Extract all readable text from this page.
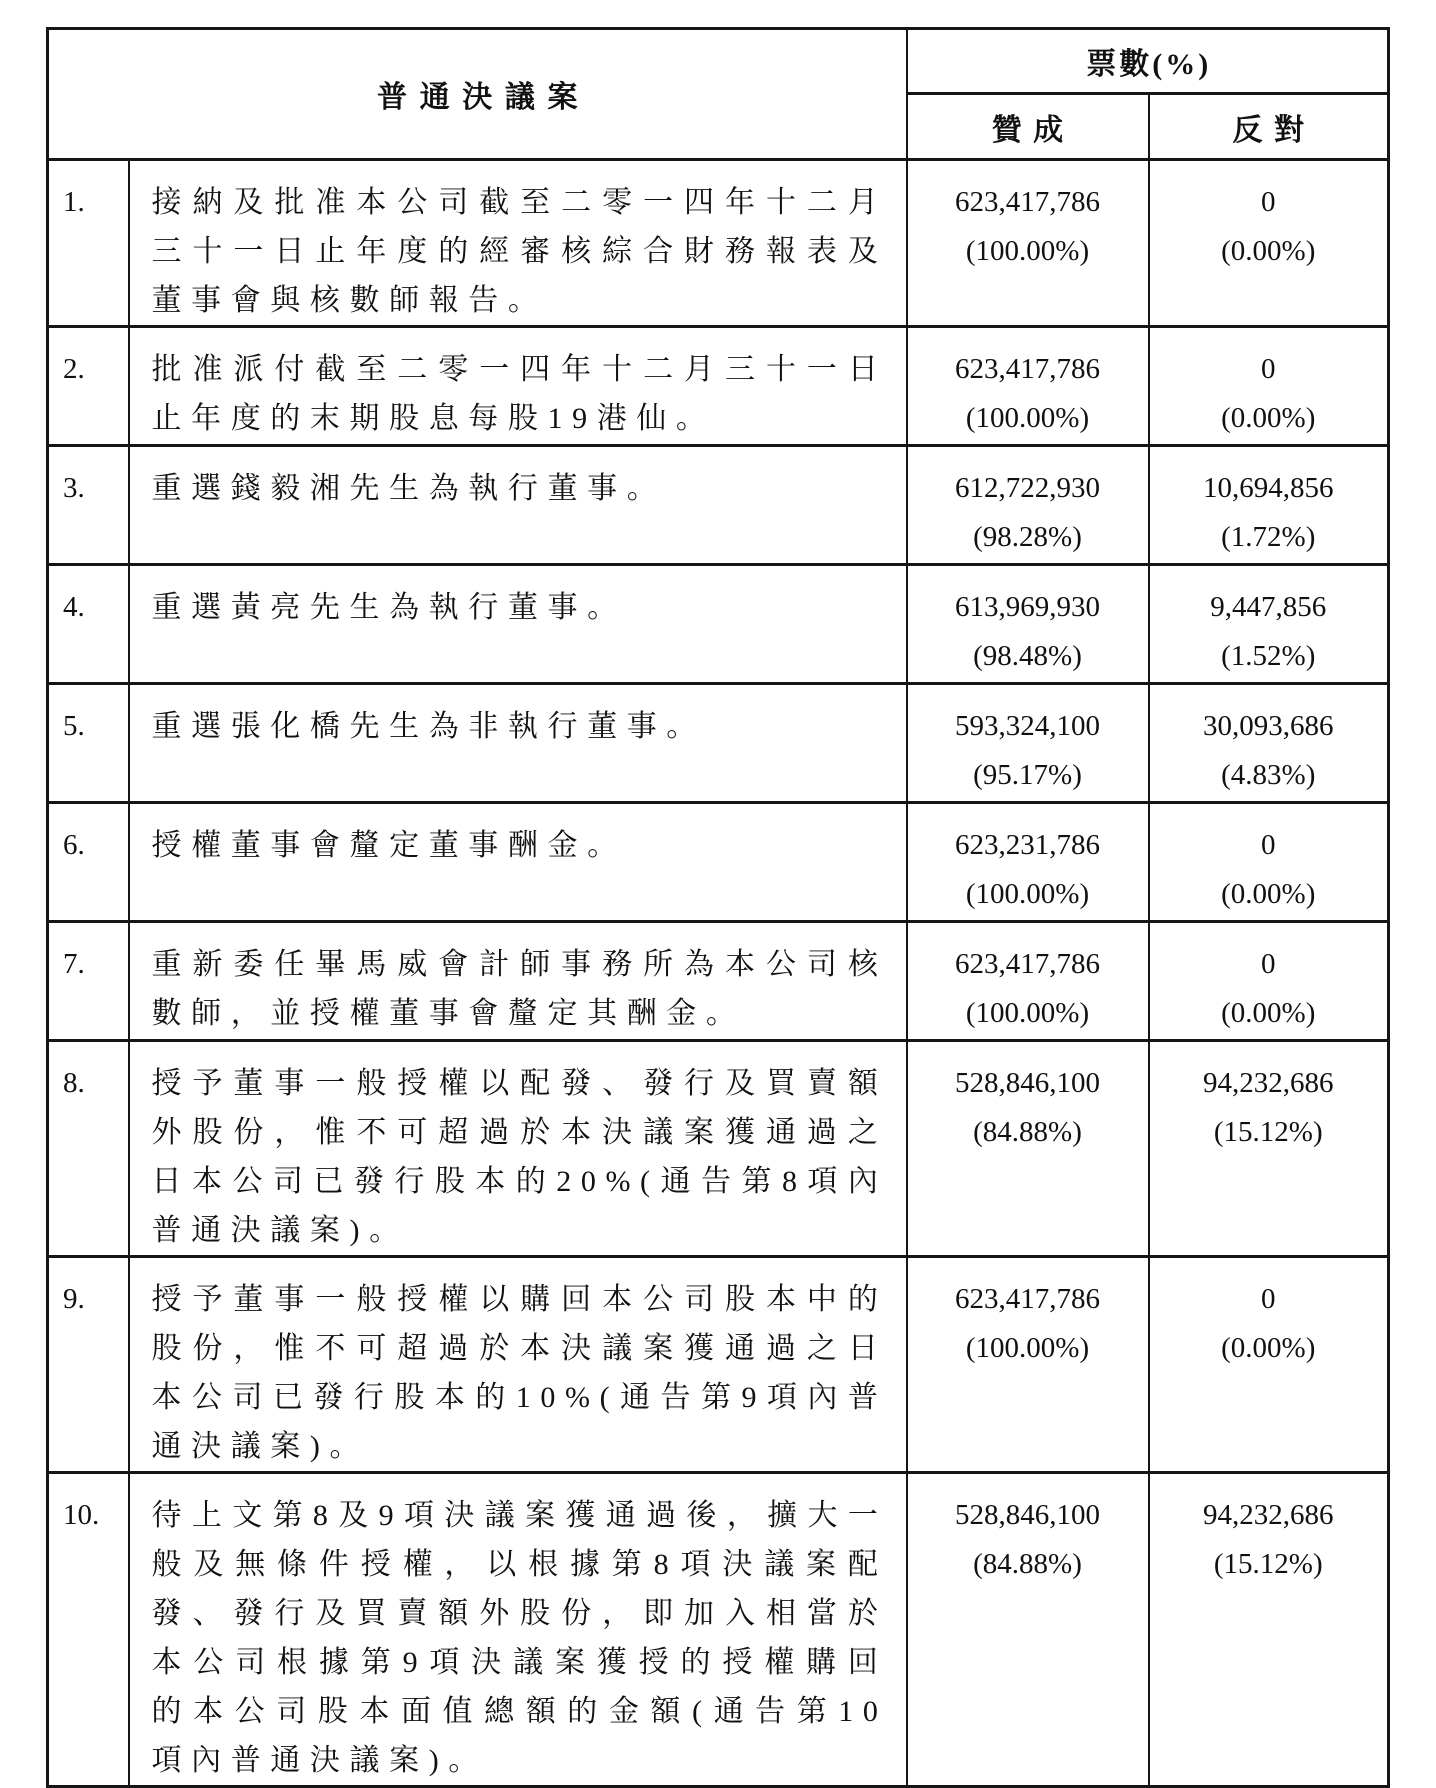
普通決議案		票數(%)	
		贊成	反對
1.	接納及批准本公司截至二零一四年十二月三十一日止年度的經審核綜合財務報表及董事會與核數師報告。	
623,417,786
(100.00%)

0
(0.00%)

2.	批准派付截至二零一四年十二月三十一日止年度的末期股息每股19港仙。	
623,417,786
(100.00%)

0
(0.00%)

3.	重選錢毅湘先生為執行董事。	612,722,930
(98.28%)

10,694,856
(1.72%)

4.	重選黃亮先生為執行董事。	613,969,930
(98.48%)

9,447,856
(1.52%)

5.	重選張化橋先生為非執行董事。	593,324,100
(95.17%)

30,093,686
(4.83%)

6.	授權董事會釐定董事酬金。	623,231,786
(100.00%)

0
(0.00%)

7.	重新委任畢馬威會計師事務所為本公司核數師，並授權董事會釐定其酬金。	
623,417,786
(100.00%)

0
(0.00%)

8.	授予董事一般授權以配發、發行及買賣額外股份，惟不可超過於本決議案獲通過之日本公司已發行股本的20%(通告第8項內普通決議案)。	
528,846,100
(84.88%)

94,232,686
(15.12%)

9.	授予董事一般授權以購回本公司股本中的股份，惟不可超過於本決議案獲通過之日本公司已發行股本的10%(通告第9項內普通決議案)。	
623,417,786
(100.00%)

0
(0.00%)

10.	待上文第8及9項決議案獲通過後，擴大一般及無條件授權，以根據第8項決議案配發、發行及買賣額外股份，即加入相當於本公司根據第9項決議案獲授的授權購回的本公司股本面值總額的金額(通告第10項內普通決議案)。	
528,846,100
(84.88%)

94,232,686
(15.12%)
